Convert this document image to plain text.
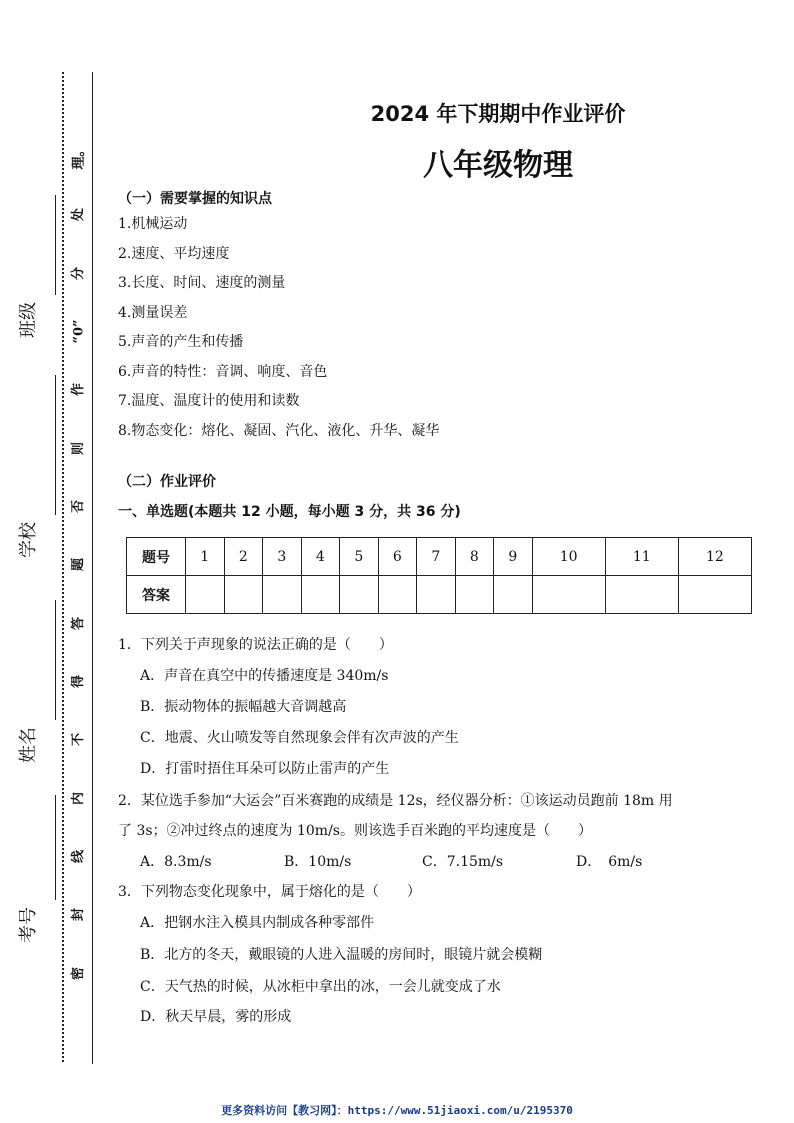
理。
处
分
“0”
作
则
否
题
答
得
不
内
线
封
密
班级
学校
姓名
考号
2024 年下期期中作业评价
八年级物理
（一）需要掌握的知识点
1.机械运动
2.速度、平均速度
3.长度、时间、速度的测量
4.测量误差
5.声音的产生和传播
6.声音的特性：音调、响度、音色
7.温度、温度计的使用和读数
8.物态变化：熔化、凝固、汽化、液化、升华、凝华
（二）作业评价
一、单选题(本题共 12 小题，每小题 3 分，共 36 分)
题号	1	2	3	4	5	6	7	8	9	10	11	12
答案												
1．下列关于声现象的说法正确的是（　　）
A．声音在真空中的传播速度是 340m/s
B．振动物体的振幅越大音调越高
C．地震、火山喷发等自然现象会伴有次声波的产生
D．打雷时捂住耳朵可以防止雷声的产生
2．某位选手参加“大运会”百米赛跑的成绩是 12s，经仪器分析：①该运动员跑前 18m 用
了 3s；②冲过终点的速度为 10m/s。则该选手百米跑的平均速度是（　　）
A．8.3m/s	B．10m/s	C．7.15m/s	D．　6m/s
3．下列物态变化现象中，属于熔化的是（　　）
A．把钢水注入模具内制成各种零部件
B．北方的冬天，戴眼镜的人进入温暖的房间时，眼镜片就会模糊
C．天气热的时候，从冰柜中拿出的冰，一会儿就变成了水
D．秋天早晨，雾的形成
更多资料访问【教习网】：https://www.51jiaoxi.com/u/2195370
